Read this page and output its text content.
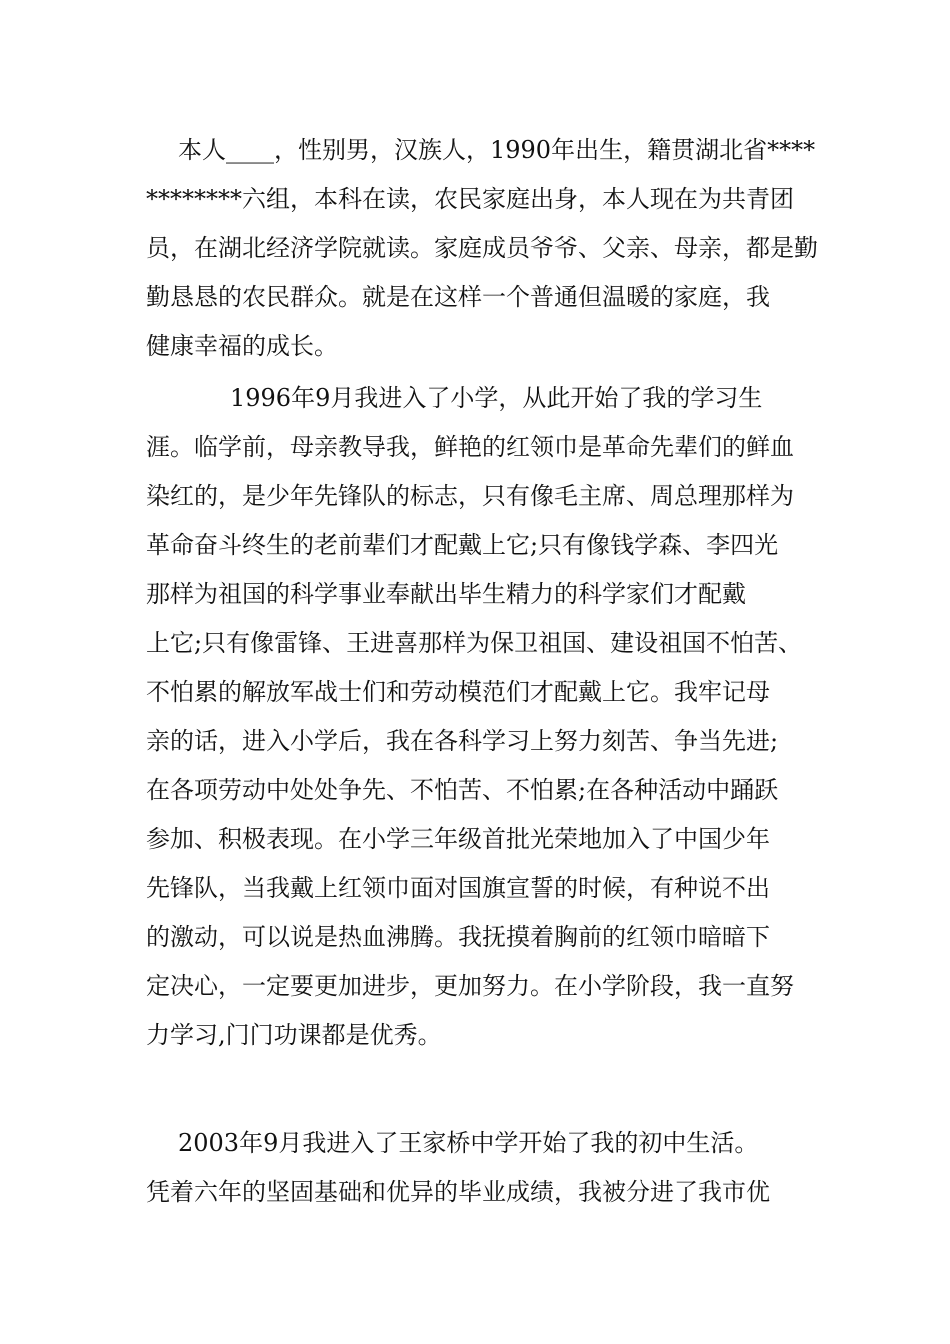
本人____，性别男，汉族人，1990年出生，籍贯湖北省****
********六组，本科在读，农民家庭出身，本人现在为共青团
员，在湖北经济学院就读。家庭成员爷爷、父亲、母亲，都是勤
勤恳恳的农民群众。就是在这样一个普通但温暖的家庭，我
健康幸福的成长。
1996年9月我进入了小学，从此开始了我的学习生
涯。临学前，母亲教导我，鲜艳的红领巾是革命先辈们的鲜血
染红的，是少年先锋队的标志，只有像毛主席、周总理那样为
革命奋斗终生的老前辈们才配戴上它;只有像钱学森、李四光
那样为祖国的科学事业奉献出毕生精力的科学家们才配戴
上它;只有像雷锋、王进喜那样为保卫祖国、建设祖国不怕苦、
不怕累的解放军战士们和劳动模范们才配戴上它。我牢记母
亲的话，进入小学后，我在各科学习上努力刻苦、争当先进;
在各项劳动中处处争先、不怕苦、不怕累;在各种活动中踊跃
参加、积极表现。在小学三年级首批光荣地加入了中国少年
先锋队，当我戴上红领巾面对国旗宣誓的时候，有种说不出
的激动，可以说是热血沸腾。我抚摸着胸前的红领巾暗暗下
定决心，一定要更加进步，更加努力。在小学阶段，我一直努
力学习,门门功课都是优秀。
2003年9月我进入了王家桥中学开始了我的初中生活。
凭着六年的坚固基础和优异的毕业成绩，我被分进了我市优
